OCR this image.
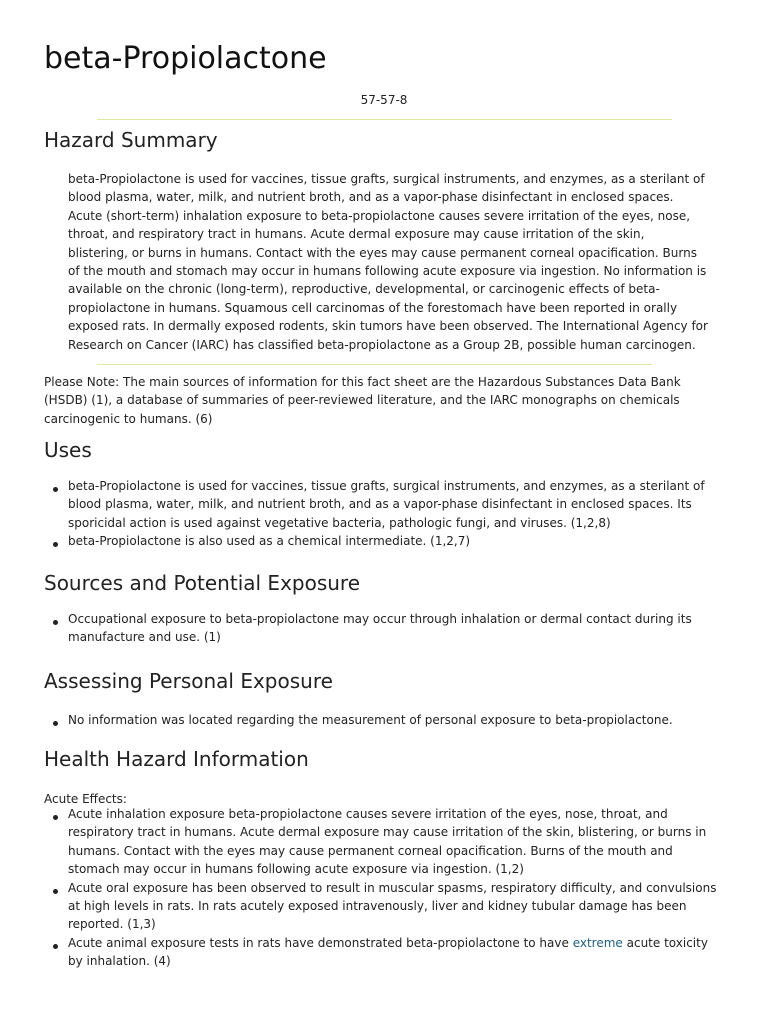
beta-Propiolactone
57-57-8
Hazard Summary

beta-Propiolactone is used for vaccines, tissue grafts, surgical instruments, and enzymes, as a sterilant of blood plasma, water, milk, and nutrient broth, and as a vapor-phase disinfectant in enclosed spaces. Acute (short-term) inhalation exposure to beta-propiolactone causes severe irritation of the eyes, nose, throat, and respiratory tract in humans. Acute dermal exposure may cause irritation of the skin, blistering, or burns in humans. Contact with the eyes may cause permanent corneal opacification. Burns of the mouth and stomach may occur in humans following acute exposure via ingestion. No information is available on the chronic (long-term), reproductive, developmental, or carcinogenic effects of beta-propiolactone in humans. Squamous cell carcinomas of the forestomach have been reported in orally exposed rats. In dermally exposed rodents, skin tumors have been observed. The International Agency for Research on Cancer (IARC) has classified beta-propiolactone as a Group 2B, possible human carcinogen.

Please Note: The main sources of information for this fact sheet are the Hazardous Substances Data Bank (HSDB) (1), a database of summaries of peer-reviewed literature, and the IARC monographs on chemicals carcinogenic to humans. (6)

Uses
beta-Propiolactone is used for vaccines, tissue grafts, surgical instruments, and enzymes, as a sterilant of blood plasma, water, milk, and nutrient broth, and as a vapor-phase disinfectant in enclosed spaces. Its sporicidal action is used against vegetative bacteria, pathologic fungi, and viruses. (1,2,8)
beta-Propiolactone is also used as a chemical intermediate. (1,2,7)
Sources and Potential Exposure
Occupational exposure to beta-propiolactone may occur through inhalation or dermal contact during its manufacture and use. (1)
Assessing Personal Exposure
No information was located regarding the measurement of personal exposure to beta-propiolactone.
Health Hazard Information

Acute Effects:

Acute inhalation exposure beta-propiolactone causes severe irritation of the eyes, nose, throat, and respiratory tract in humans. Acute dermal exposure may cause irritation of the skin, blistering, or burns in humans. Contact with the eyes may cause permanent corneal opacification. Burns of the mouth and stomach may occur in humans following acute exposure via ingestion. (1,2)
Acute oral exposure has been observed to result in muscular spasms, respiratory difficulty, and convulsions at high levels in rats. In rats acutely exposed intravenously, liver and kidney tubular damage has been reported. (1,3)
Acute animal exposure tests in rats have demonstrated beta-propiolactone to have extreme acute toxicity by inhalation. (4)
